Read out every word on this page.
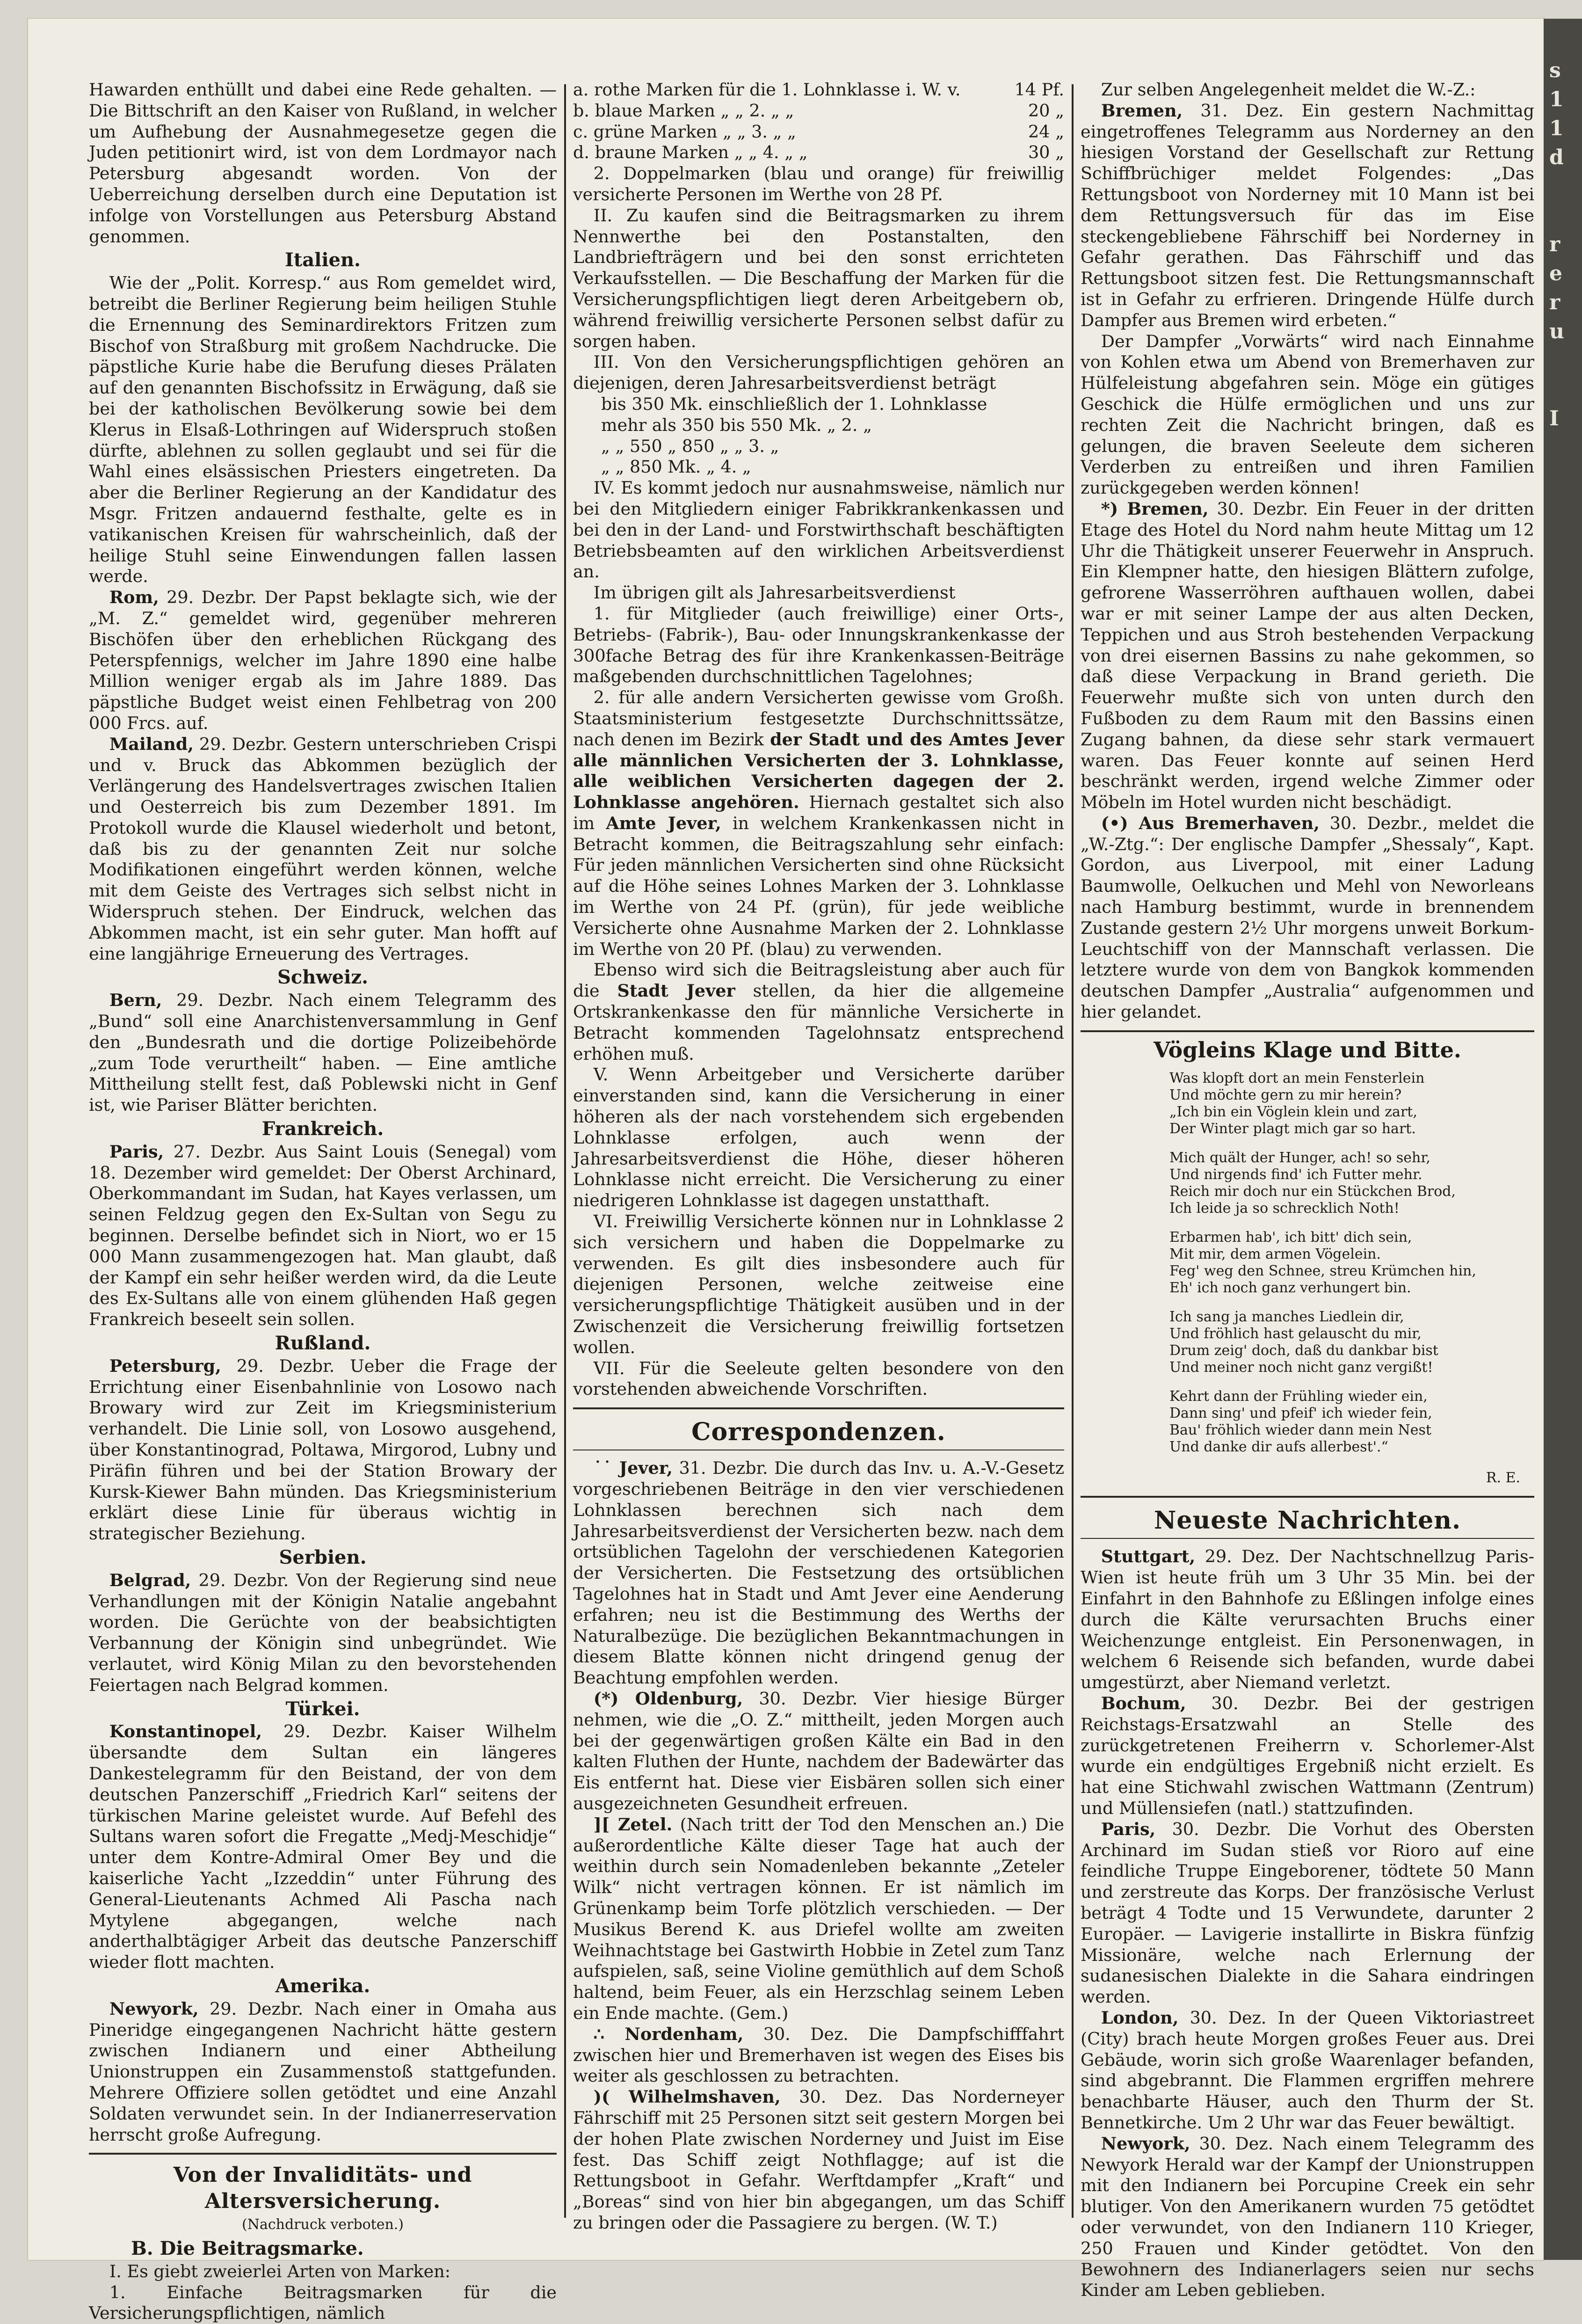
s
1
1
d

r
e
r
u

I

Hawarden enthüllt und dabei eine Rede gehalten. — Die Bittschrift an den Kaiser von Rußland, in welcher um Aufhebung der Ausnahmegesetze gegen die Juden petitionirt wird, ist von dem Lordmayor nach Petersburg abgesandt worden. Von der Ueberreichung derselben durch eine Deputation ist infolge von Vorstellungen aus Petersburg Abstand genommen.

Italien.

Wie der „Polit. Korresp.“ aus Rom gemeldet wird, betreibt die Berliner Regierung beim heiligen Stuhle die Ernennung des Seminardirektors Fritzen zum Bischof von Straßburg mit großem Nachdrucke. Die päpstliche Kurie habe die Berufung dieses Prälaten auf den genannten Bischofssitz in Erwägung, daß sie bei der katholischen Bevölkerung sowie bei dem Klerus in Elsaß-Lothringen auf Widerspruch stoßen dürfte, ablehnen zu sollen geglaubt und sei für die Wahl eines elsässischen Priesters eingetreten. Da aber die Berliner Regierung an der Kandidatur des Msgr. Fritzen andauernd festhalte, gelte es in vatikanischen Kreisen für wahrscheinlich, daß der heilige Stuhl seine Einwendungen fallen lassen werde.

Rom, 29. Dezbr. Der Papst beklagte sich, wie der „M. Z.“ gemeldet wird, gegenüber mehreren Bischöfen über den erheblichen Rückgang des Peterspfennigs, welcher im Jahre 1890 eine halbe Million weniger ergab als im Jahre 1889. Das päpstliche Budget weist einen Fehlbetrag von 200 000 Frcs. auf.

Mailand, 29. Dezbr. Gestern unterschrieben Crispi und v. Bruck das Abkommen bezüglich der Verlängerung des Handelsvertrages zwischen Italien und Oesterreich bis zum Dezember 1891. Im Protokoll wurde die Klausel wiederholt und betont, daß bis zu der genannten Zeit nur solche Modifikationen eingeführt werden können, welche mit dem Geiste des Vertrages sich selbst nicht in Widerspruch stehen. Der Eindruck, welchen das Abkommen macht, ist ein sehr guter. Man hofft auf eine langjährige Erneuerung des Vertrages.

Schweiz.

Bern, 29. Dezbr. Nach einem Telegramm des „Bund“ soll eine Anarchistenversammlung in Genf den „Bundesrath und die dortige Polizeibehörde „zum Tode verurtheilt“ haben. — Eine amtliche Mittheilung stellt fest, daß Poblewski nicht in Genf ist, wie Pariser Blätter berichten.

Frankreich.

Paris, 27. Dezbr. Aus Saint Louis (Senegal) vom 18. Dezember wird gemeldet: Der Oberst Archinard, Oberkommandant im Sudan, hat Kayes verlassen, um seinen Feldzug gegen den Ex-Sultan von Segu zu beginnen. Derselbe befindet sich in Niort, wo er 15 000 Mann zusammengezogen hat. Man glaubt, daß der Kampf ein sehr heißer werden wird, da die Leute des Ex-Sultans alle von einem glühenden Haß gegen Frankreich beseelt sein sollen.

Rußland.

Petersburg, 29. Dezbr. Ueber die Frage der Errichtung einer Eisenbahnlinie von Losowo nach Browary wird zur Zeit im Kriegsministerium verhandelt. Die Linie soll, von Losowo ausgehend, über Konstantinograd, Poltawa, Mirgorod, Lubny und Piräfin führen und bei der Station Browary der Kursk-Kiewer Bahn münden. Das Kriegsministerium erklärt diese Linie für überaus wichtig in strategischer Beziehung.

Serbien.

Belgrad, 29. Dezbr. Von der Regierung sind neue Verhandlungen mit der Königin Natalie angebahnt worden. Die Gerüchte von der beabsichtigten Verbannung der Königin sind unbegründet. Wie verlautet, wird König Milan zu den bevorstehenden Feiertagen nach Belgrad kommen.

Türkei.

Konstantinopel, 29. Dezbr. Kaiser Wilhelm übersandte dem Sultan ein längeres Dankestelegramm für den Beistand, der von dem deutschen Panzerschiff „Friedrich Karl“ seitens der türkischen Marine geleistet wurde. Auf Befehl des Sultans waren sofort die Fregatte „Medj-Meschidje“ unter dem Kontre-Admiral Omer Bey und die kaiserliche Yacht „Izzeddin“ unter Führung des General-Lieutenants Achmed Ali Pascha nach Mytylene abgegangen, welche nach anderthalbtägiger Arbeit das deutsche Panzerschiff wieder flott machten.

Amerika.

Newyork, 29. Dezbr. Nach einer in Omaha aus Pineridge eingegangenen Nachricht hätte gestern zwischen Indianern und einer Abtheilung Unionstruppen ein Zusammenstoß stattgefunden. Mehrere Offiziere sollen getödtet und eine Anzahl Soldaten verwundet sein. In der Indianerreservation herrscht große Aufregung.

Von der Invaliditäts- und Altersversicherung.
(Nachdruck verboten.)
B. Die Beitragsmarke.

I. Es giebt zweierlei Arten von Marken:

1. Einfache Beitragsmarken für die Versicherungspflichtigen, nämlich

a. rothe Marken für die 1. Lohnklasse i. W. v.	14 Pf.
b. blaue Marken „ „ 2. „ „	20 „
c. grüne Marken „ „ 3. „ „	24 „
d. braune Marken „ „ 4. „ „	30 „

2. Doppelmarken (blau und orange) für freiwillig versicherte Personen im Werthe von 28 Pf.

II. Zu kaufen sind die Beitragsmarken zu ihrem Nennwerthe bei den Postanstalten, den Landbriefträgern und bei den sonst errichteten Verkaufsstellen. — Die Beschaffung der Marken für die Versicherungspflichtigen liegt deren Arbeitgebern ob, während freiwillig versicherte Personen selbst dafür zu sorgen haben.

III. Von den Versicherungspflichtigen gehören an diejenigen, deren Jahresarbeitsverdienst beträgt

bis 350 Mk. einschließlich der 1. Lohnklasse
mehr als 350 bis 550 Mk. „ 2. „
„ „ 550 „ 850 „ „ 3. „
„ „ 850 Mk. „ 4. „

IV. Es kommt jedoch nur ausnahmsweise, nämlich nur bei den Mitgliedern einiger Fabrikkrankenkassen und bei den in der Land- und Forstwirthschaft beschäftigten Betriebsbeamten auf den wirklichen Arbeitsverdienst an.

Im übrigen gilt als Jahresarbeitsverdienst

1. für Mitglieder (auch freiwillige) einer Orts-, Betriebs- (Fabrik-), Bau- oder Innungskrankenkasse der 300fache Betrag des für ihre Krankenkassen-Beiträge maßgebenden durchschnittlichen Tagelohnes;

2. für alle andern Versicherten gewisse vom Großh. Staatsministerium festgesetzte Durchschnittssätze, nach denen im Bezirk der Stadt und des Amtes Jever alle männlichen Versicherten der 3. Lohnklasse, alle weiblichen Versicherten dagegen der 2. Lohnklasse angehören. Hiernach gestaltet sich also im Amte Jever, in welchem Krankenkassen nicht in Betracht kommen, die Beitragszahlung sehr einfach: Für jeden männlichen Versicherten sind ohne Rücksicht auf die Höhe seines Lohnes Marken der 3. Lohnklasse im Werthe von 24 Pf. (grün), für jede weibliche Versicherte ohne Ausnahme Marken der 2. Lohnklasse im Werthe von 20 Pf. (blau) zu verwenden.

Ebenso wird sich die Beitragsleistung aber auch für die Stadt Jever stellen, da hier die allgemeine Ortskrankenkasse den für männliche Versicherte in Betracht kommenden Tagelohnsatz entsprechend erhöhen muß.

V. Wenn Arbeitgeber und Versicherte darüber einverstanden sind, kann die Versicherung in einer höheren als der nach vorstehendem sich ergebenden Lohnklasse erfolgen, auch wenn der Jahresarbeitsverdienst die Höhe, dieser höheren Lohnklasse nicht erreicht. Die Versicherung zu einer niedrigeren Lohnklasse ist dagegen unstatthaft.

VI. Freiwillig Versicherte können nur in Lohnklasse 2 sich versichern und haben die Doppelmarke zu verwenden. Es gilt dies insbesondere auch für diejenigen Personen, welche zeitweise eine versicherungspflichtige Thätigkeit ausüben und in der Zwischenzeit die Versicherung freiwillig fortsetzen wollen.

VII. Für die Seeleute gelten besondere von den vorstehenden abweichende Vorschriften.

Correspondenzen.

˙˙ Jever, 31. Dezbr. Die durch das Inv. u. A.-V.-Gesetz vorgeschriebenen Beiträge in den vier verschiedenen Lohnklassen berechnen sich nach dem Jahresarbeitsverdienst der Versicherten bezw. nach dem ortsüblichen Tagelohn der verschiedenen Kategorien der Versicherten. Die Festsetzung des ortsüblichen Tagelohnes hat in Stadt und Amt Jever eine Aenderung erfahren; neu ist die Bestimmung des Werths der Naturalbezüge. Die bezüglichen Bekanntmachungen in diesem Blatte können nicht dringend genug der Beachtung empfohlen werden.

(*) Oldenburg, 30. Dezbr. Vier hiesige Bürger nehmen, wie die „O. Z.“ mittheilt, jeden Morgen auch bei der gegenwärtigen großen Kälte ein Bad in den kalten Fluthen der Hunte, nachdem der Badewärter das Eis entfernt hat. Diese vier Eisbären sollen sich einer ausgezeichneten Gesundheit erfreuen.

][ Zetel. (Nach tritt der Tod den Menschen an.) Die außerordentliche Kälte dieser Tage hat auch der weithin durch sein Nomadenleben bekannte „Zeteler Wilk“ nicht vertragen können. Er ist nämlich im Grünenkamp beim Torfe plötzlich verschieden. — Der Musikus Berend K. aus Driefel wollte am zweiten Weihnachtstage bei Gastwirth Hobbie in Zetel zum Tanz aufspielen, saß, seine Violine gemüthlich auf dem Schoß haltend, beim Feuer, als ein Herzschlag seinem Leben ein Ende machte. (Gem.)

∴ Nordenham, 30. Dez. Die Dampfschifffahrt zwischen hier und Bremerhaven ist wegen des Eises bis weiter als geschlossen zu betrachten.

)( Wilhelmshaven, 30. Dez. Das Norderneyer Fährschiff mit 25 Personen sitzt seit gestern Morgen bei der hohen Plate zwischen Norderney und Juist im Eise fest. Das Schiff zeigt Nothflagge; auf ist die Rettungsboot in Gefahr. Werftdampfer „Kraft“ und „Boreas“ sind von hier bin abgegangen, um das Schiff zu bringen oder die Passagiere zu bergen. (W. T.)

Zur selben Angelegenheit meldet die W.-Z.:

Bremen, 31. Dez. Ein gestern Nachmittag eingetroffenes Telegramm aus Norderney an den hiesigen Vorstand der Gesellschaft zur Rettung Schiffbrüchiger meldet Folgendes: „Das Rettungsboot von Norderney mit 10 Mann ist bei dem Rettungsversuch für das im Eise steckengebliebene Fährschiff bei Norderney in Gefahr gerathen. Das Fährschiff und das Rettungsboot sitzen fest. Die Rettungsmannschaft ist in Gefahr zu erfrieren. Dringende Hülfe durch Dampfer aus Bremen wird erbeten.“

Der Dampfer „Vorwärts“ wird nach Einnahme von Kohlen etwa um Abend von Bremerhaven zur Hülfeleistung abgefahren sein. Möge ein gütiges Geschick die Hülfe ermöglichen und uns zur rechten Zeit die Nachricht bringen, daß es gelungen, die braven Seeleute dem sicheren Verderben zu entreißen und ihren Familien zurückgegeben werden können!

*) Bremen, 30. Dezbr. Ein Feuer in der dritten Etage des Hotel du Nord nahm heute Mittag um 12 Uhr die Thätigkeit unserer Feuerwehr in Anspruch. Ein Klempner hatte, den hiesigen Blättern zufolge, gefrorene Wasserröhren aufthauen wollen, dabei war er mit seiner Lampe der aus alten Decken, Teppichen und aus Stroh bestehenden Verpackung von drei eisernen Bassins zu nahe gekommen, so daß diese Verpackung in Brand gerieth. Die Feuerwehr mußte sich von unten durch den Fußboden zu dem Raum mit den Bassins einen Zugang bahnen, da diese sehr stark vermauert waren. Das Feuer konnte auf seinen Herd beschränkt werden, irgend welche Zimmer oder Möbeln im Hotel wurden nicht beschädigt.

(•) Aus Bremerhaven, 30. Dezbr., meldet die „W.-Ztg.“: Der englische Dampfer „Shessaly“, Kapt. Gordon, aus Liverpool, mit einer Ladung Baumwolle, Oelkuchen und Mehl von Neworleans nach Hamburg bestimmt, wurde in brennendem Zustande gestern 2½ Uhr morgens unweit Borkum-Leuchtschiff von der Mannschaft verlassen. Die letztere wurde von dem von Bangkok kommenden deutschen Dampfer „Australia“ aufgenommen und hier gelandet.

Vögleins Klage und Bitte.
Was klopft dort an mein Fensterlein
Und möchte gern zu mir herein?
„Ich bin ein Vöglein klein und zart,
Der Winter plagt mich gar so hart.
Mich quält der Hunger, ach! so sehr,
Und nirgends find' ich Futter mehr.
Reich mir doch nur ein Stückchen Brod,
Ich leide ja so schrecklich Noth!
Erbarmen hab', ich bitt' dich sein,
Mit mir, dem armen Vögelein.
Feg' weg den Schnee, streu Krümchen hin,
Eh' ich noch ganz verhungert bin.
Ich sang ja manches Liedlein dir,
Und fröhlich hast gelauscht du mir,
Drum zeig' doch, daß du dankbar bist
Und meiner noch nicht ganz vergißt!
Kehrt dann der Frühling wieder ein,
Dann sing' und pfeif' ich wieder fein,
Bau' fröhlich wieder dann mein Nest
Und danke dir aufs allerbest'.“
R. E.
Neueste Nachrichten.

Stuttgart, 29. Dez. Der Nachtschnellzug Paris-Wien ist heute früh um 3 Uhr 35 Min. bei der Einfahrt in den Bahnhofe zu Eßlingen infolge eines durch die Kälte verursachten Bruchs einer Weichenzunge entgleist. Ein Personenwagen, in welchem 6 Reisende sich befanden, wurde dabei umgestürzt, aber Niemand verletzt.

Bochum, 30. Dezbr. Bei der gestrigen Reichstags-Ersatzwahl an Stelle des zurückgetretenen Freiherrn v. Schorlemer-Alst wurde ein endgültiges Ergebniß nicht erzielt. Es hat eine Stichwahl zwischen Wattmann (Zentrum) und Müllensiefen (natl.) stattzufinden.

Paris, 30. Dezbr. Die Vorhut des Obersten Archinard im Sudan stieß vor Rioro auf eine feindliche Truppe Eingeborener, tödtete 50 Mann und zerstreute das Korps. Der französische Verlust beträgt 4 Todte und 15 Verwundete, darunter 2 Europäer. — Lavigerie installirte in Biskra fünfzig Missionäre, welche nach Erlernung der sudanesischen Dialekte in die Sahara eindringen werden.

London, 30. Dez. In der Queen Viktoriastreet (City) brach heute Morgen großes Feuer aus. Drei Gebäude, worin sich große Waarenlager befanden, sind abgebrannt. Die Flammen ergriffen mehrere benachbarte Häuser, auch den Thurm der St. Bennetkirche. Um 2 Uhr war das Feuer bewältigt.

Newyork, 30. Dez. Nach einem Telegramm des Newyork Herald war der Kampf der Unionstruppen mit den Indianern bei Porcupine Creek ein sehr blutiger. Von den Amerikanern wurden 75 getödtet oder verwundet, von den Indianern 110 Krieger, 250 Frauen und Kinder getödtet. Von den Bewohnern des Indianerlagers seien nur sechs Kinder am Leben geblieben.
